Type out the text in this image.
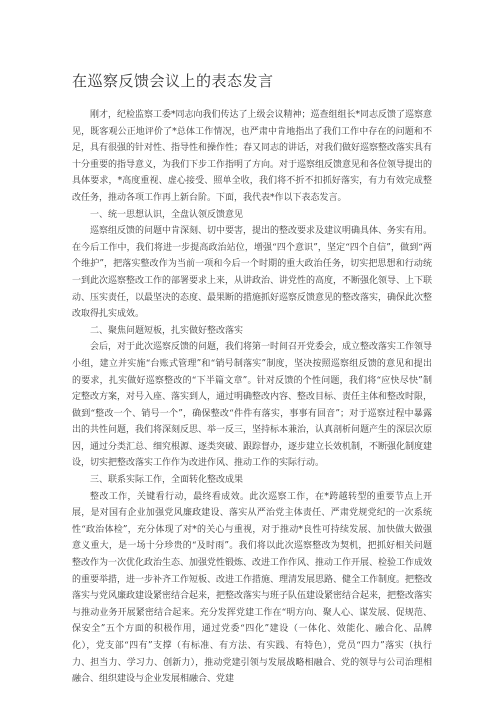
在巡察反馈会议上的表态发言

刚才，纪检监察工委*同志向我们传达了上级会议精神；巡查组组长*同志反馈了巡察意见，既客观公正地评价了*总体工作情况，也严肃中肯地指出了我们工作中存在的问题和不足，具有很强的针对性、指导性和操作性；春又同志的讲话，对我们做好巡察整改落实具有十分重要的指导意义，为我们下步工作指明了方向。对于巡察组反馈意见和各位领导提出的具体要求，*高度重视、虚心接受、照单全收，我们将不折不扣抓好落实，有力有效完成整改任务，推动各项工作再上新台阶。下面，我代表*作以下表态发言。

一、统一思想认识，全盘认领反馈意见

巡察组反馈的问题中肯深刻、切中要害，提出的整改要求及建议明确具体、务实有用。在今后工作中，我们将进一步提高政治站位，增强“四个意识”，坚定“四个自信”，做到“两个维护”，把落实整改作为当前一项和今后一个时期的重大政治任务，切实把思想和行动统一到此次巡察整改工作的部署要求上来，从讲政治、讲党性的高度，不断强化领导、上下联动、压实责任，以最坚决的态度、最果断的措施抓好巡察反馈意见的整改落实，确保此次整改取得扎实成效。

二、聚焦问题短板，扎实做好整改落实

会后，对于此次巡察反馈的问题，我们将第一时间召开党委会，成立整改落实工作领导小组，建立并实施“台账式管理”和“销号制落实”制度，坚决按照巡察组反馈的意见和提出的要求，扎实做好巡察整改的“下半篇文章”。针对反馈的个性问题，我们将“应快尽快”制定整改方案，对号入座、落实到人，通过明确整改内容、整改目标、责任主体和整改时限，做到“整改一个、销号一个”，确保整改“件件有落实，事事有回音”；对于巡察过程中暴露出的共性问题，我们将深刻反思、举一反三，坚持标本兼治，认真剖析问题产生的深层次原因，通过分类汇总、细究根源、逐类突破、跟踪督办，逐步建立长效机制，不断强化制度建设，切实把整改落实工作作为改进作风、推动工作的实际行动。

三、联系实际工作，全面转化整改成果

整改工作，关键看行动，最终看成效。此次巡察工作，在*跨越转型的重要节点上开展，是对国有企业加强党风廉政建设、落实从严治党主体责任、严肃党规党纪的一次系统性“政治体检”，充分体现了对*的关心与重视，对于推动*良性可持续发展、加快做大做强意义重大，是一场十分珍贵的“及时雨”。我们将以此次巡察整改为契机，把抓好相关问题整改作为一次优化政治生态、加强党性锻炼、改进工作作风、推动工作开展、检验工作成效的重要举措，进一步补齐工作短板、改进工作措施、理清发展思路、健全工作制度。把整改落实与党风廉政建设紧密结合起来，把整改落实与班子队伍建设紧密结合起来，把整改落实与推动业务开展紧密结合起来。充分发挥党建工作在“明方向、聚人心、谋发展、促规范、保安全”五个方面的积极作用，通过党委“四化”建设（一体化、效能化、融合化、品牌化），党支部“四有”支撑（有标准、有方法、有实践、有特色），党员“四力”落实（执行力、担当力、学习力、创新力），推动党建引领与发展战略相融合、党的领导与公司治理相融合、组织建设与企业发展相融合、党建
